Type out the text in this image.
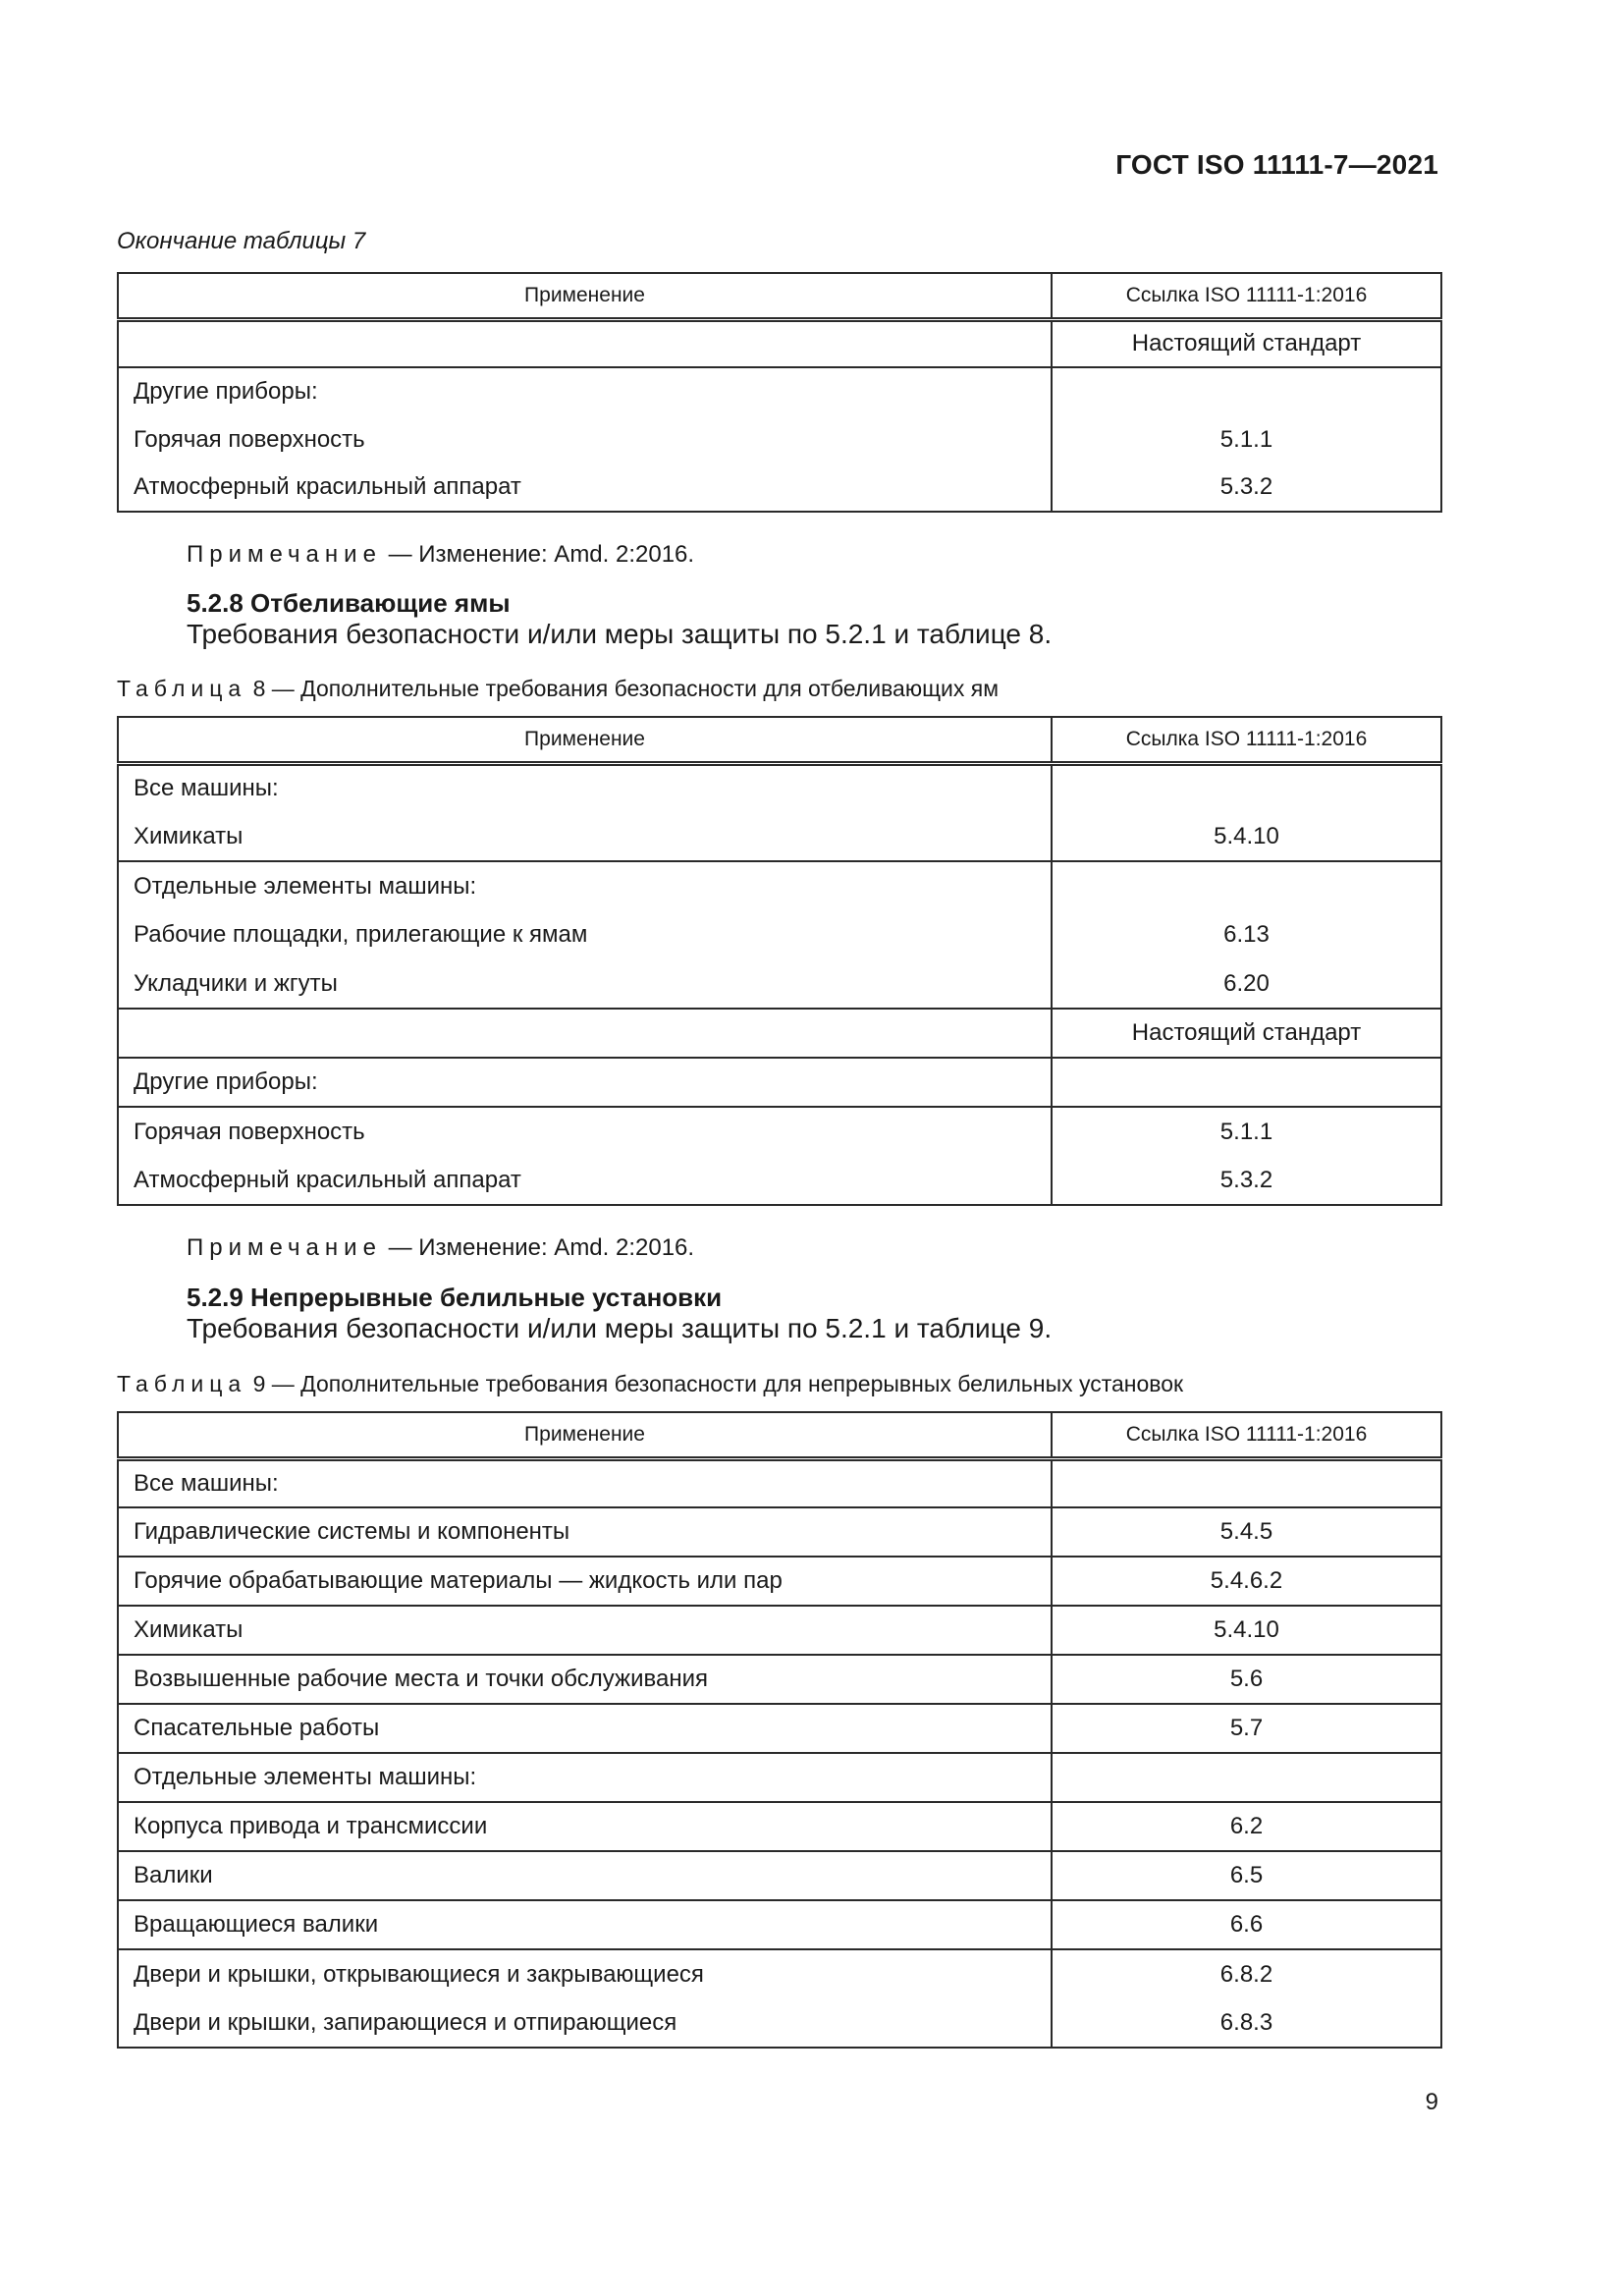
ГОСТ ISO 11111-7—2021
Окончание таблицы 7
Применение	Ссылка ISO 11111-1:2016
	Настоящий стандарт
Другие приборы:	
Горячая поверхность	5.1.1
Атмосферный красильный аппарат	5.3.2
Примечание — Изменение: Amd. 2:2016.
5.2.8 Отбеливающие ямы
Требования безопасности и/или меры защиты по 5.2.1 и таблице 8.
Таблица 8 — Дополнительные требования безопасности для отбеливающих ям
Применение	Ссылка ISO 11111-1:2016
Все машины:	
Химикаты	5.4.10
Отдельные элементы машины:	
Рабочие площадки, прилегающие к ямам	6.13
Укладчики и жгуты	6.20
	Настоящий стандарт
Другие приборы:	
Горячая поверхность	5.1.1
Атмосферный красильный аппарат	5.3.2
Примечание — Изменение: Amd. 2:2016.
5.2.9 Непрерывные белильные установки
Требования безопасности и/или меры защиты по 5.2.1 и таблице 9.
Таблица 9 — Дополнительные требования безопасности для непрерывных белильных установок
Применение	Ссылка ISO 11111-1:2016
Все машины:	
Гидравлические системы и компоненты	5.4.5
Горячие обрабатывающие материалы — жидкость или пар	5.4.6.2
Химикаты	5.4.10
Возвышенные рабочие места и точки обслуживания	5.6
Спасательные работы	5.7
Отдельные элементы машины:	
Корпуса привода и трансмиссии	6.2
Валики	6.5
Вращающиеся валики	6.6
Двери и крышки, открывающиеся и закрывающиеся	6.8.2
Двери и крышки, запирающиеся и отпирающиеся	6.8.3
9
